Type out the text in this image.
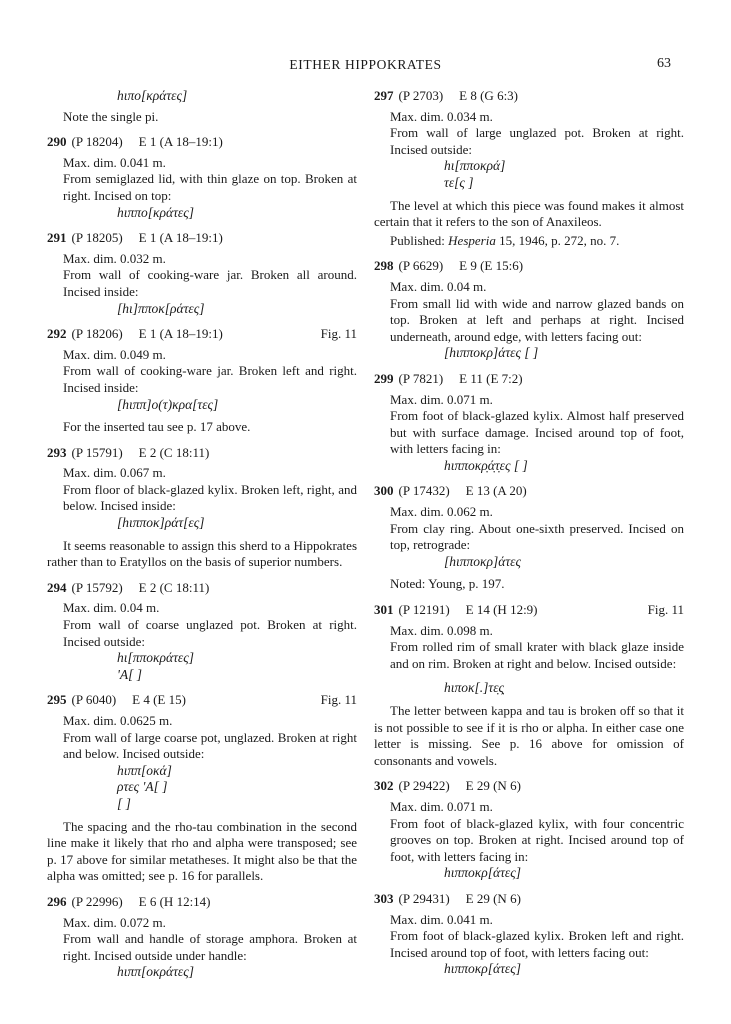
EITHER HIPPOKRATES	63
hιπο[κράτες]
Note the single pi.
290 (P 18204) E 1 (A 18–19:1)
Max. dim. 0.041 m.
From semiglazed lid, with thin glaze on top. Broken at right. Incised on top:
hιππο[κράτες]
291 (P 18205) E 1 (A 18–19:1)
Max. dim. 0.032 m.
From wall of cooking-ware jar. Broken all around. Incised inside:
[hι]ππoκ[ράτες]
292 (P 18206) E 1 (A 18–19:1)	Fig. 11
Max. dim. 0.049 m.
From wall of cooking-ware jar. Broken left and right. Incised inside:
[hιππ]o(τ)κρα[τες]
For the inserted tau see p. 17 above.
293 (P 15791) E 2 (C 18:11)
Max. dim. 0.067 m.
From floor of black-glazed kylix. Broken left, right, and below. Incised inside:
[hιπποκ]ράτ[ες]
It seems reasonable to assign this sherd to a Hippokrates rather than to Eratyllos on the basis of superior numbers.
294 (P 15792) E 2 (C 18:11)
Max. dim. 0.04 m.
From wall of coarse unglazed pot. Broken at right. Incised outside:
hι[πποκράτες]
'A[ ]
295 (P 6040) E 4 (E 15)	Fig. 11
Max. dim. 0.0625 m.
From wall of large coarse pot, unglazed. Broken at right and below. Incised outside:
hιππ[oκά]
ρτες 'A[ ]
[ ]
The spacing and the rho-tau combination in the second line make it likely that rho and alpha were transposed; see p. 17 above for similar metatheses. It might also be that the alpha was omitted; see p. 16 for parallels.
296 (P 22996) E 6 (H 12:14)
Max. dim. 0.072 m.
From wall and handle of storage amphora. Broken at right. Incised outside under handle:
hιππ[oκράτες]
297 (P 2703) E 8 (G 6:3)
Max. dim. 0.034 m.
From wall of large unglazed pot. Broken at right. Incised outside:
hι[πποκρά]
τε[ς ]
The level at which this piece was found makes it almost certain that it refers to the son of Anaxileos.
Published: Hesperia 15, 1946, p. 272, no. 7.
298 (P 6629) E 9 (E 15:6)
Max. dim. 0.04 m.
From small lid with wide and narrow glazed bands on top. Broken at left and perhaps at right. Incised underneath, around edge, with letters facing out:
[hιπποκρ]άτες [ ]
299 (P 7821) E 11 (E 7:2)
Max. dim. 0.071 m.
From foot of black-glazed kylix. Almost half preserved but with surface damage. Incised around top of foot, with letters facing in:
hιπποκρ̣ά̣τ̣ες [ ]
300 (P 17432) E 13 (A 20)
Max. dim. 0.062 m.
From clay ring. About one-sixth preserved. Incised on top, retrograde:
[hιπποκρ]άτες
Noted: Young, p. 197.
301 (P 12191) E 14 (H 12:9)	Fig. 11
Max. dim. 0.098 m.
From rolled rim of small krater with black glaze inside and on rim. Broken at right and below. Incised outside:
hιπoκ[.]τε̣ς̣
The letter between kappa and tau is broken off so that it is not possible to see if it is rho or alpha. In either case one letter is missing. See p. 16 above for omission of consonants and vowels.
302 (P 29422) E 29 (N 6)
Max. dim. 0.071 m.
From foot of black-glazed kylix, with four concentric grooves on top. Broken at right. Incised around top of foot, with letters facing in:
hιπποκρ[άτες]
303 (P 29431) E 29 (N 6)
Max. dim. 0.041 m.
From foot of black-glazed kylix. Broken left and right. Incised around top of foot, with letters facing out:
hιπποκρ[άτες]
